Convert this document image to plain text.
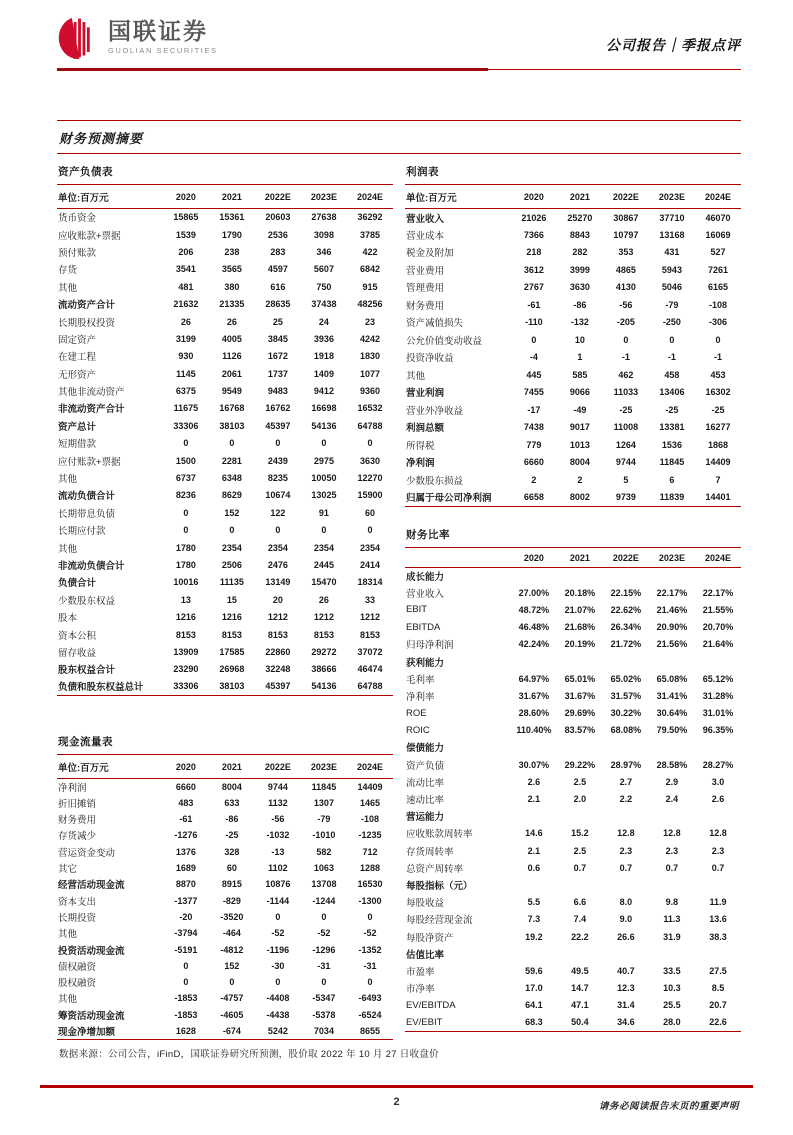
国联证券
GUOLIAN SECURITIES	公司报告｜季报点评
财务预测摘要
资产负债表
单位:百万元	2020	2021	2022E	2023E	2024E
货币资金	15865	15361	20603	27638	36292
应收账款+票据	1539	1790	2536	3098	3785
预付账款	206	238	283	346	422
存货	3541	3565	4597	5607	6842
其他	481	380	616	750	915
流动资产合计	21632	21335	28635	37438	48256
长期股权投资	26	26	25	24	23
固定资产	3199	4005	3845	3936	4242
在建工程	930	1126	1672	1918	1830
无形资产	1145	2061	1737	1409	1077
其他非流动资产	6375	9549	9483	9412	9360
非流动资产合计	11675	16768	16762	16698	16532
资产总计	33306	38103	45397	54136	64788
短期借款	0	0	0	0	0
应付账款+票据	1500	2281	2439	2975	3630
其他	6737	6348	8235	10050	12270
流动负债合计	8236	8629	10674	13025	15900
长期带息负债	0	152	122	91	60
长期应付款	0	0	0	0	0
其他	1780	2354	2354	2354	2354
非流动负债合计	1780	2506	2476	2445	2414
负债合计	10016	11135	13149	15470	18314
少数股东权益	13	15	20	26	33
股本	1216	1216	1212	1212	1212
资本公积	8153	8153	8153	8153	8153
留存收益	13909	17585	22860	29272	37072
股东权益合计	23290	26968	32248	38666	46474
负债和股东权益总计	33306	38103	45397	54136	64788
现金流量表
单位:百万元	2020	2021	2022E	2023E	2024E
净利润	6660	8004	9744	11845	14409
折旧摊销	483	633	1132	1307	1465
财务费用	-61	-86	-56	-79	-108
存货减少	-1276	-25	-1032	-1010	-1235
营运资金变动	1376	328	-13	582	712
其它	1689	60	1102	1063	1288
经营活动现金流	8870	8915	10876	13708	16530
资本支出	-1377	-829	-1144	-1244	-1300
长期投资	-20	-3520	0	0	0
其他	-3794	-464	-52	-52	-52
投资活动现金流	-5191	-4812	-1196	-1296	-1352
债权融资	0	152	-30	-31	-31
股权融资	0	0	0	0	0
其他	-1853	-4757	-4408	-5347	-6493
筹资活动现金流	-1853	-4605	-4438	-5378	-6524
现金净增加额	1628	-674	5242	7034	8655
利润表
单位:百万元	2020	2021	2022E	2023E	2024E
营业收入	21026	25270	30867	37710	46070
营业成本	7366	8843	10797	13168	16069
税金及附加	218	282	353	431	527
营业费用	3612	3999	4865	5943	7261
管理费用	2767	3630	4130	5046	6165
财务费用	-61	-86	-56	-79	-108
资产减值损失	-110	-132	-205	-250	-306
公允价值变动收益	0	10	0	0	0
投资净收益	-4	1	-1	-1	-1
其他	445	585	462	458	453
营业利润	7455	9066	11033	13406	16302
营业外净收益	-17	-49	-25	-25	-25
利润总额	7438	9017	11008	13381	16277
所得税	779	1013	1264	1536	1868
净利润	6660	8004	9744	11845	14409
少数股东损益	2	2	5	6	7
归属于母公司净利润	6658	8002	9739	11839	14401
财务比率
	2020	2021	2022E	2023E	2024E
成长能力					
营业收入	27.00%	20.18%	22.15%	22.17%	22.17%
EBIT	48.72%	21.07%	22.62%	21.46%	21.55%
EBITDA	46.48%	21.68%	26.34%	20.90%	20.70%
归母净利润	42.24%	20.19%	21.72%	21.56%	21.64%
获利能力					
毛利率	64.97%	65.01%	65.02%	65.08%	65.12%
净利率	31.67%	31.67%	31.57%	31.41%	31.28%
ROE	28.60%	29.69%	30.22%	30.64%	31.01%
ROIC	110.40%	83.57%	68.08%	79.50%	96.35%
偿债能力					
资产负债	30.07%	29.22%	28.97%	28.58%	28.27%
流动比率	2.6	2.5	2.7	2.9	3.0
速动比率	2.1	2.0	2.2	2.4	2.6
营运能力					
应收账款周转率	14.6	15.2	12.8	12.8	12.8
存货周转率	2.1	2.5	2.3	2.3	2.3
总资产周转率	0.6	0.7	0.7	0.7	0.7
每股指标（元）					
每股收益	5.5	6.6	8.0	9.8	11.9
每股经营现金流	7.3	7.4	9.0	11.3	13.6
每股净资产	19.2	22.2	26.6	31.9	38.3
估值比率					
市盈率	59.6	49.5	40.7	33.5	27.5
市净率	17.0	14.7	12.3	10.3	8.5
EV/EBITDA	64.1	47.1	31.4	25.5	20.7
EV/EBIT	68.3	50.4	34.6	28.0	22.6
数据来源：公司公告，iFinD，国联证券研究所预测，股价取 2022 年 10 月 27 日收盘价
2	请务必阅读报告末页的重要声明
